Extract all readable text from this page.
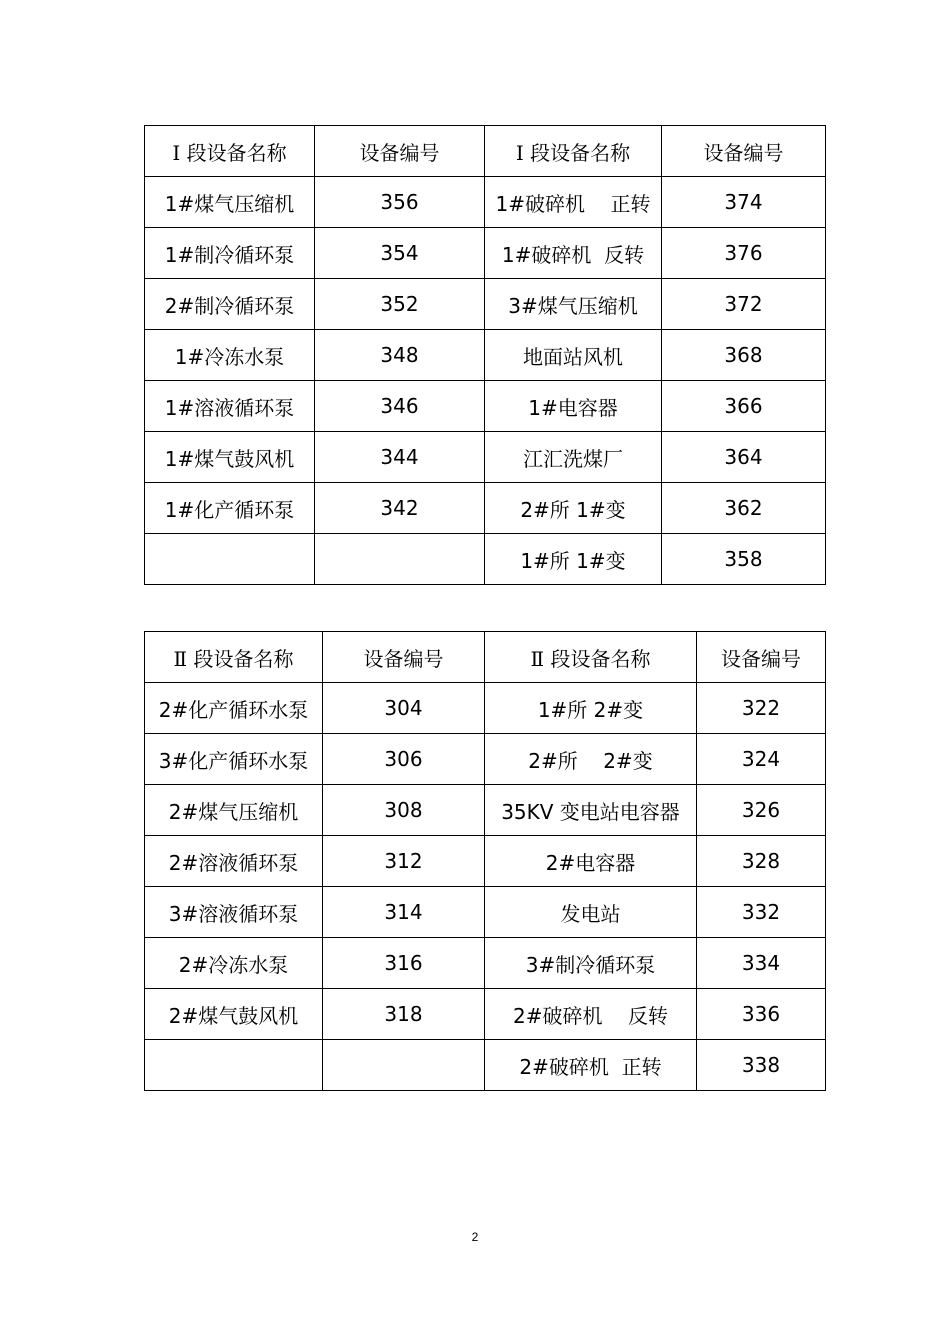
Ⅰ 段设备名称	设备编号	Ⅰ 段设备名称	设备编号
1#煤气压缩机	356	1#破碎机    正转	374
1#制冷循环泵	354	1#破碎机  反转	376
2#制冷循环泵	352	3#煤气压缩机	372
1#冷冻水泵	348	地面站风机	368
1#溶液循环泵	346	1#电容器	366
1#煤气鼓风机	344	江汇洗煤厂	364
1#化产循环泵	342	2#所 1#变	362
		1#所 1#变	358
Ⅱ 段设备名称	设备编号	Ⅱ 段设备名称	设备编号
2#化产循环水泵	304	1#所 2#变	322
3#化产循环水泵	306	2#所    2#变	324
2#煤气压缩机	308	35KV 变电站电容器	326
2#溶液循环泵	312	2#电容器	328
3#溶液循环泵	314	发电站	332
2#冷冻水泵	316	3#制冷循环泵	334
2#煤气鼓风机	318	2#破碎机    反转	336
		2#破碎机  正转	338
2
